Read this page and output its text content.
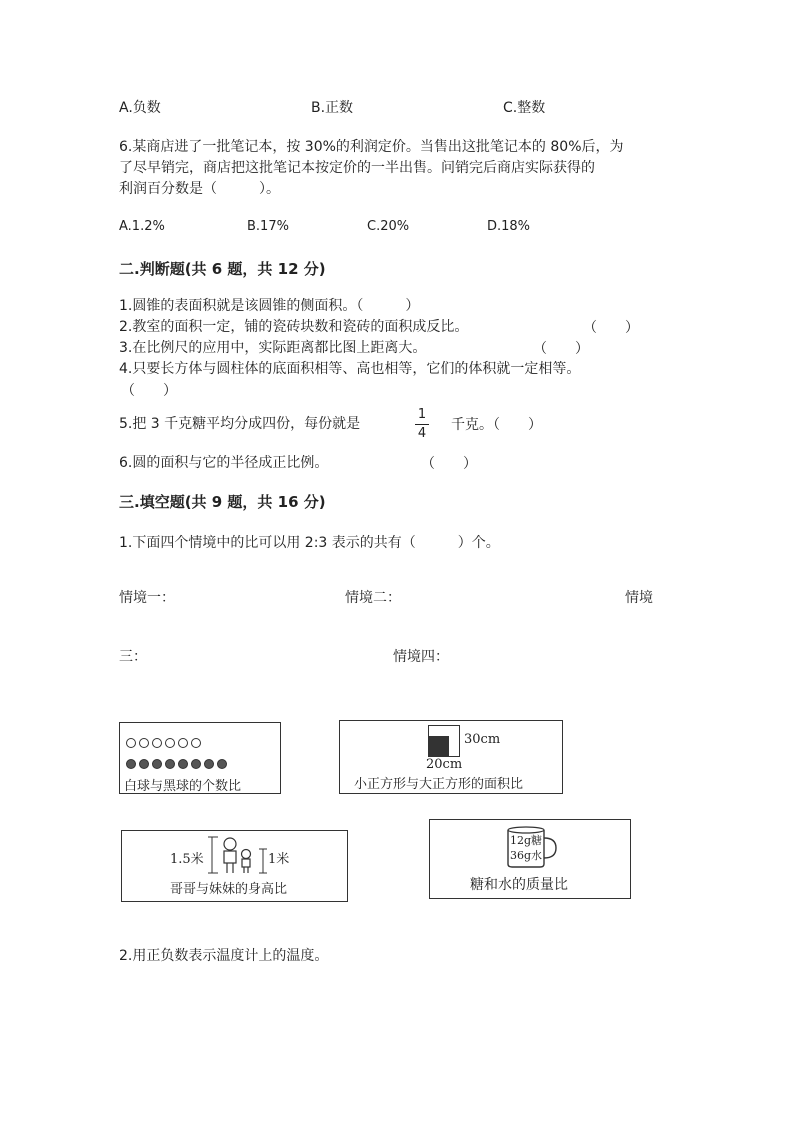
A.负数	B.正数	C.整数
6.某商店进了一批笔记本，按 30%的利润定价。当售出这批笔记本的 80%后，为
了尽早销完，商店把这批笔记本按定价的一半出售。问销完后商店实际获得的
利润百分数是（　　　）。
A.1.2%	B.17%	C.20%	D.18%
二.判断题(共 6 题，共 12 分)
1.圆锥的表面积就是该圆锥的侧面积。（　　　）
2.教室的面积一定，铺的瓷砖块数和瓷砖的面积成反比。	（　　）
3.在比例尺的应用中，实际距离都比图上距离大。	（　　）
4.只要长方体与圆柱体的底面积相等、高也相等，它们的体积就一定相等。
（　　）
5.把 3 千克糖平均分成四份，每份就是
1
4
千克。（　　）
6.圆的面积与它的半径成正比例。	（　　）
三.填空题(共 9 题，共 16 分)
1.下面四个情境中的比可以用 2:3 表示的共有（　　　）个。
情境一：	情境二：	情境
三：	情境四：
白球与黑球的个数比
30cm
20cm
小正方形与大正方形的面积比
1.5米	1米
哥哥与妹妹的身高比
12g糖
36g水
糖和水的质量比
2.用正负数表示温度计上的温度。
